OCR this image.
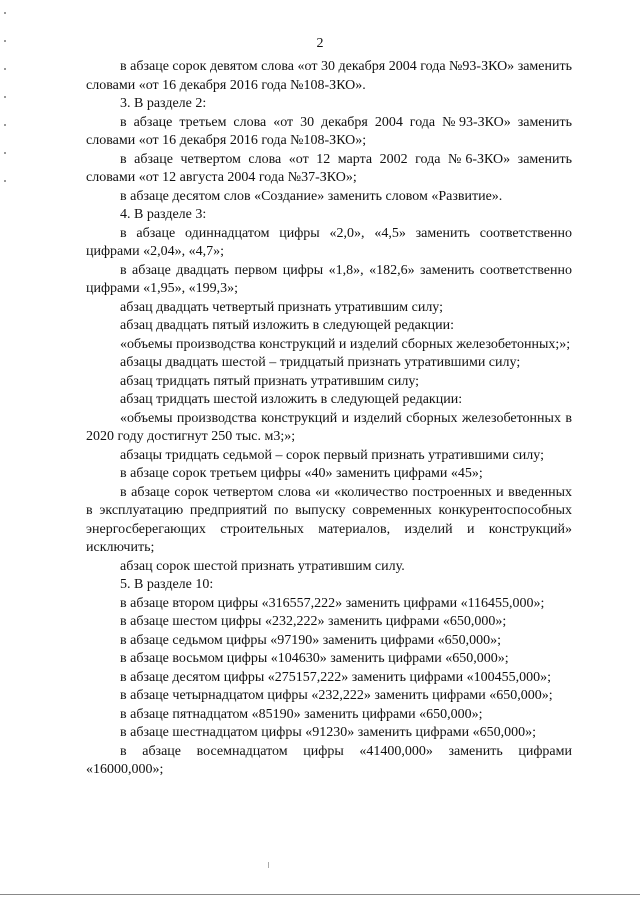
2

в абзаце сорок девятом слова «от 30 декабря 2004 года №93-ЗКО» заменить словами «от 16 декабря 2016 года №108-ЗКО».

3. В разделе 2:

в абзаце третьем слова «от 30 декабря 2004 года №93-ЗКО» заменить словами «от 16 декабря 2016 года №108-ЗКО»;

в абзаце четвертом слова «от 12 марта 2002 года №6-ЗКО» заменить словами «от 12 августа 2004 года №37-ЗКО»;

в абзаце десятом слов «Создание» заменить словом «Развитие».

4. В разделе 3:

в абзаце одиннадцатом цифры «2,0», «4,5» заменить соответственно цифрами «2,04», «4,7»;

в абзаце двадцать первом цифры «1,8», «182,6» заменить соответственно цифрами «1,95», «199,3»;

абзац двадцать четвертый признать утратившим силу;

абзац двадцать пятый изложить в следующей редакции:

«объемы производства конструкций и изделий сборных железобетонных;»;

абзацы двадцать шестой – тридцатый признать утратившими силу;

абзац тридцать пятый признать утратившим силу;

абзац тридцать шестой изложить в следующей редакции:

«объемы производства конструкций и изделий сборных железобетонных в 2020 году достигнут 250 тыс. м3;»;

абзацы тридцать седьмой – сорок первый признать утратившими силу;

в абзаце сорок третьем цифры «40» заменить цифрами «45»;

в абзаце сорок четвертом слова «и «количество построенных и введенных в эксплуатацию предприятий по выпуску современных конкурентоспособных энергосберегающих строительных материалов, изделий и конструкций» исключить;

абзац сорок шестой признать утратившим силу.

5. В разделе 10:

в абзаце втором цифры «316557,222» заменить цифрами «116455,000»;

в абзаце шестом цифры «232,222» заменить цифрами «650,000»;

в абзаце седьмом цифры «97190» заменить цифрами «650,000»;

в абзаце восьмом цифры «104630» заменить цифрами «650,000»;

в абзаце десятом цифры «275157,222» заменить цифрами «100455,000»;

в абзаце четырнадцатом цифры «232,222» заменить цифрами «650,000»;

в абзаце пятнадцатом «85190» заменить цифрами «650,000»;

в абзаце шестнадцатом цифры «91230» заменить цифрами «650,000»;

в абзаце восемнадцатом цифры «41400,000» заменить цифрами «16000,000»;
